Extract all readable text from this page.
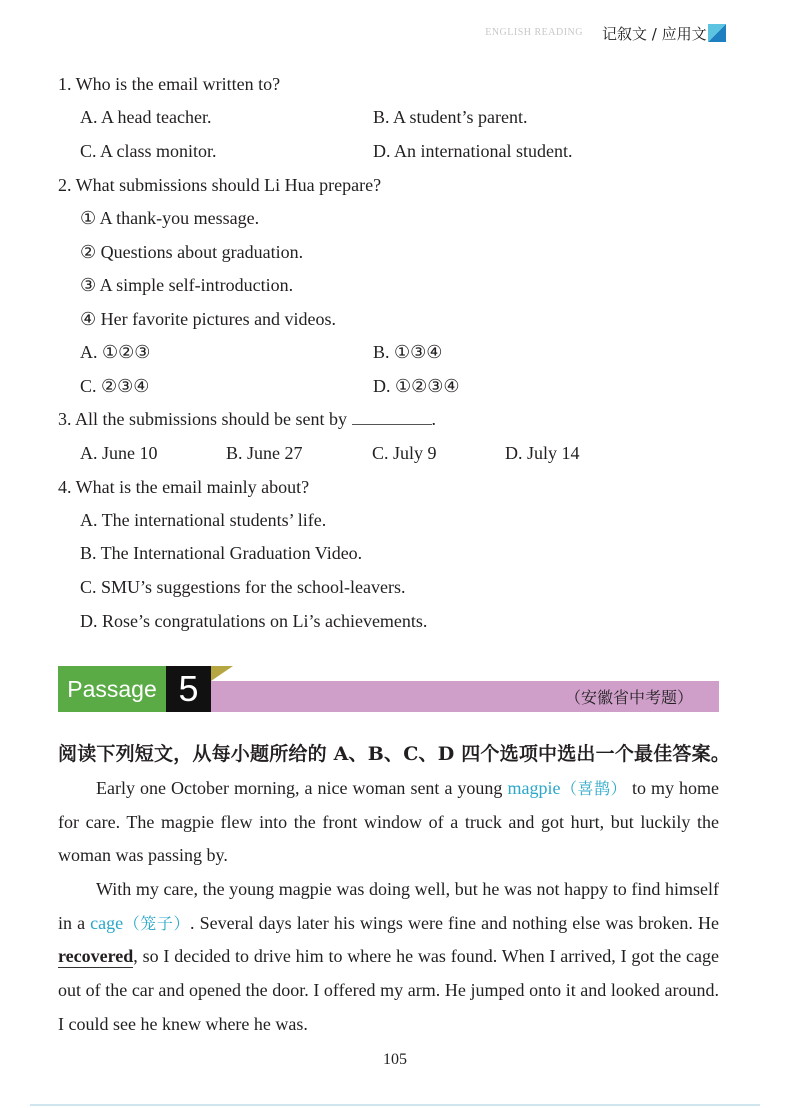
ENGLISH READING 记叙文 / 应用文
1. Who is the email written to?
A. A head teacher.	B. A student’s parent.
C. A class monitor.	D. An international student.
2. What submissions should Li Hua prepare?
① A thank-you message.
② Questions about graduation.
③ A simple self-introduction.
④ Her favorite pictures and videos.
A. ①②③	B. ①③④
C. ②③④	D. ①②③④
3. All the submissions should be sent by	.
A. June 10	B. June 27	C. July 9	D. July 14
4. What is the email mainly about?
A. The international students’ life.
B. The International Graduation Video.
C. SMU’s suggestions for the school-leavers.
D. Rose’s congratulations on Li’s achievements.
Passage 5	（安徽省中考题）
阅读下列短文，从每小题所给的 A、B、C、D 四个选项中选出一个最佳答案。
Early one October morning, a nice woman sent a young magpie（喜鹊） to my home for care. The magpie flew into the front window of a truck and got hurt, but luckily the woman was passing by.
With my care, the young magpie was doing well, but he was not happy to find himself in a cage（笼子）. Several days later his wings were fine and nothing else was broken. He recovered, so I decided to drive him to where he was found. When I arrived, I got the cage out of the car and opened the door. I offered my arm. He jumped onto it and looked around. I could see he knew where he was.
105
